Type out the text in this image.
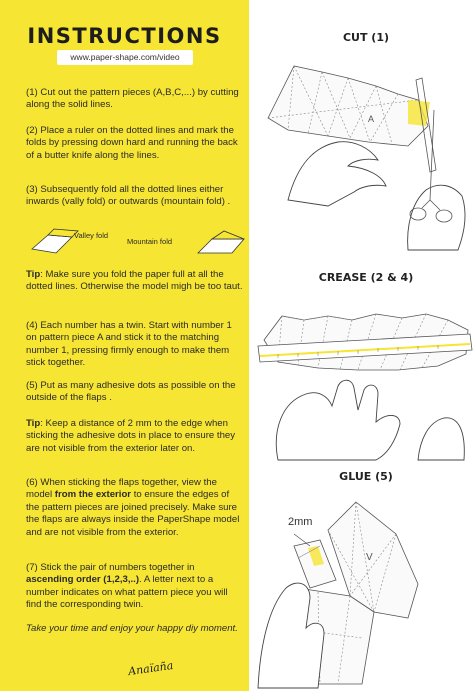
INSTRUCTIONS
www.paper-shape.com/video
(1) Cut out the pattern pieces (A,B,C,...) by cutting along the solid lines.
(2) Place a ruler on the dotted lines and mark the folds by pressing down hard and running the back of a butter knife along the lines.
(3) Subsequently fold all the dotted lines either inwards (vally fold) or outwards (mountain fold) .
Valley fold
Mountain fold
Tip: Make sure you fold the paper full at all the dotted lines. Otherwise the model migh be too taut.
(4) Each number has a twin. Start with number 1 on pattern piece A and stick it to the matching number 1, pressing firmly enough to make them stick together.
(5) Put as many adhesive dots as possible on the outside of the flaps .
Tip: Keep a distance of 2 mm to the edge when sticking the adhesive dots in place to ensure they are not visible from the exterior later on.
(6) When sticking the flaps together, view the model from the exterior to ensure the edges of the pattern pieces are joined precisely. Make sure the flaps are always inside the PaperShape model and are not visible from the exterior.
(7) Stick the pair of numbers together in ascending order (1,2,3,..). A letter next to a number indicates on what pattern piece you will find the corresponding twin.
Take your time and enjoy your happy diy moment.
Anaïaña
CUT (1)
A
CREASE (2 & 4)
GLUE (5)
2mm
V
